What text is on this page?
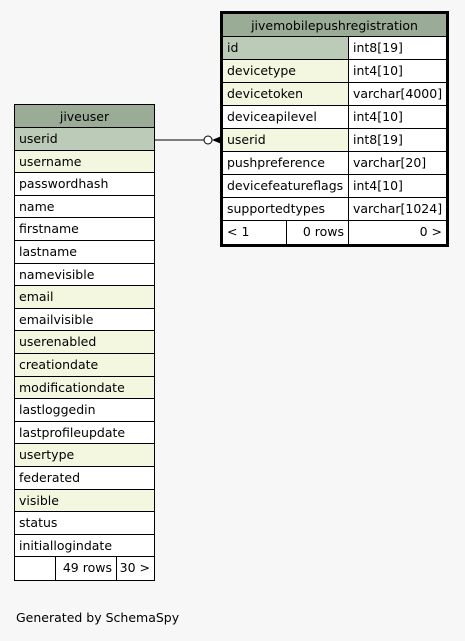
jivemobilepushregistration
id	int8[19]
devicetype	int4[10]
devicetoken	varchar[4000]
deviceapilevel	int4[10]
userid	int8[19]
pushpreference	varchar[20]
devicefeatureflags int4[10]
supportedtypes	varchar[1024]
< 1	0 rows	0 >
jiveuser
userid
username
passwordhash
name
firstname
lastname
namevisible
email
emailvisible
userenabled
creationdate
modificationdate
lastloggedin
lastprofileupdate
usertype
federated
visible
status
initiallogindate
49 rows 30 >
Generated by SchemaSpy
